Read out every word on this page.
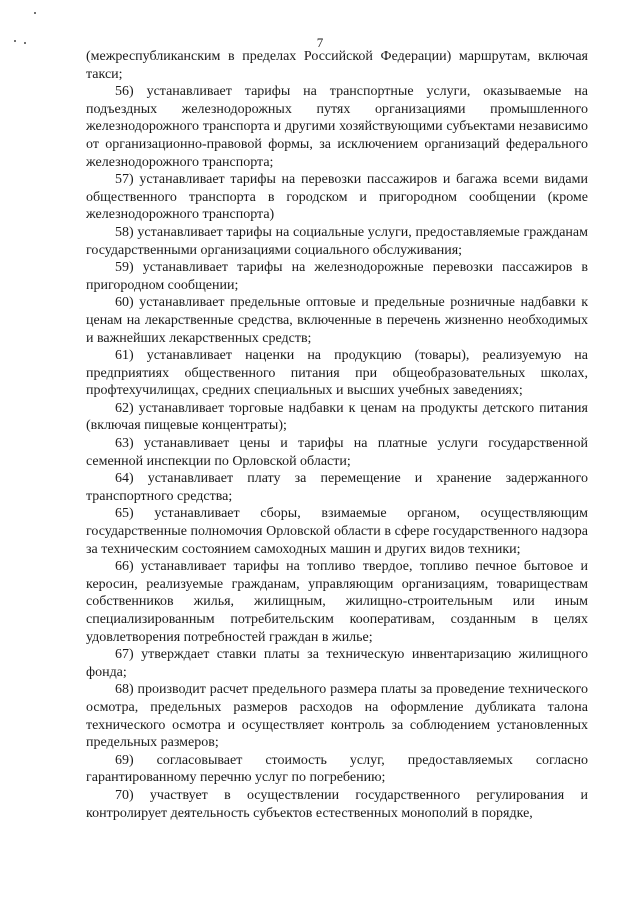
7

(межреспубликанским в пределах Российской Федерации) маршрутам, включая такси;

56) устанавливает тарифы на транспортные услуги, оказываемые на подъездных железнодорожных путях организациями промышленного железнодорожного транспорта и другими хозяйствующими субъектами независимо от организационно-правовой формы, за исключением организаций федерального железнодорожного транспорта;

57) устанавливает тарифы на перевозки пассажиров и багажа всеми видами общественного транспорта в городском и пригородном сообщении (кроме железнодорожного транспорта)

58) устанавливает тарифы на социальные услуги, предоставляемые гражданам государственными организациями социального обслуживания;

59) устанавливает тарифы на железнодорожные перевозки пассажиров в пригородном сообщении;

60) устанавливает предельные оптовые и предельные розничные надбавки к ценам на лекарственные средства, включенные в перечень жизненно необходимых и важнейших лекарственных средств;

61) устанавливает наценки на продукцию (товары), реализуемую на предприятиях общественного питания при общеобразовательных школах, профтехучилищах, средних специальных и высших учебных заведениях;

62) устанавливает торговые надбавки к ценам на продукты детского питания (включая пищевые концентраты);

63) устанавливает цены и тарифы на платные услуги государственной семенной инспекции по Орловской области;

64) устанавливает плату за перемещение и хранение задержанного транспортного средства;

65) устанавливает сборы, взимаемые органом, осуществляющим государственные полномочия Орловской области в сфере государственного надзора за техническим состоянием самоходных машин и других видов техники;

66) устанавливает тарифы на топливо твердое, топливо печное бытовое и керосин, реализуемые гражданам, управляющим организациям, товариществам собственников жилья, жилищным, жилищно-строительным или иным специализированным потребительским кооперативам, созданным в целях удовлетворения потребностей граждан в жилье;

67) утверждает ставки платы за техническую инвентаризацию жилищного фонда;

68) производит расчет предельного размера платы за проведение технического осмотра, предельных размеров расходов на оформление дубликата талона технического осмотра и осуществляет контроль за соблюдением установленных предельных размеров;

69) согласовывает стоимость услуг, предоставляемых согласно гарантированному перечню услуг по погребению;

70) участвует в осуществлении государственного регулирования и контролирует деятельность субъектов естественных монополий в порядке,
